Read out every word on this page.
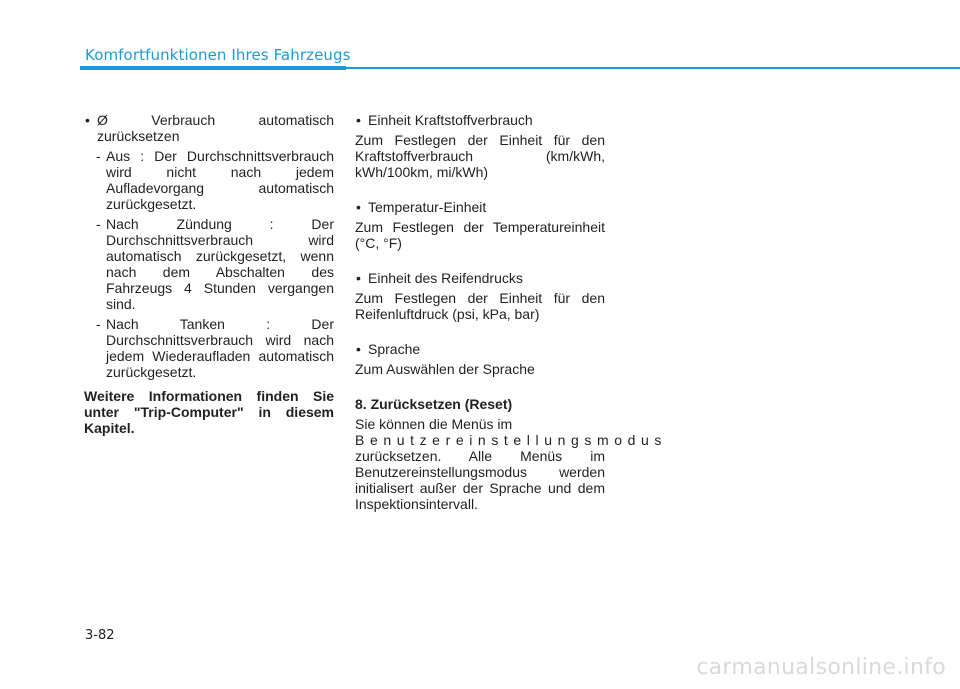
Komfortfunktionen Ihres Fahrzeugs

• Ø Verbrauch automatisch zurücksetzen

- Aus : Der Durchschnittsverbrauch wird nicht nach jedem Aufladevorgang automatisch zurückgesetzt.
- Nach Zündung : Der Durchschnittsverbrauch wird automatisch zurückgesetzt, wenn nach dem Abschalten des Fahrzeugs 4 Stunden vergangen sind.
- Nach Tanken : Der Durchschnittsverbrauch wird nach jedem Wiederaufladen automatisch zurückgesetzt.

Weitere Informationen finden Sie unter "Trip-Computer" in diesem Kapitel.

• Einheit Kraftstoffverbrauch

Zum Festlegen der Einheit für den Kraftstoffverbrauch (km/kWh, kWh/100km, mi/kWh)

• Temperatur-Einheit

Zum Festlegen der Temperatureinheit (°C, °F)

• Einheit des Reifendrucks

Zum Festlegen der Einheit für den Reifenluftdruck (psi, kPa, bar)

• Sprache

Zum Auswählen der Sprache

8. Zurücksetzen (Reset)

Sie können die Menüs im

Benutzereinstellungsmodus

zurücksetzen. Alle Menüs im Benutzereinstellungsmodus werden initialisert außer der Sprache und dem Inspektionsintervall.

3-82
carmanualsonline.info
